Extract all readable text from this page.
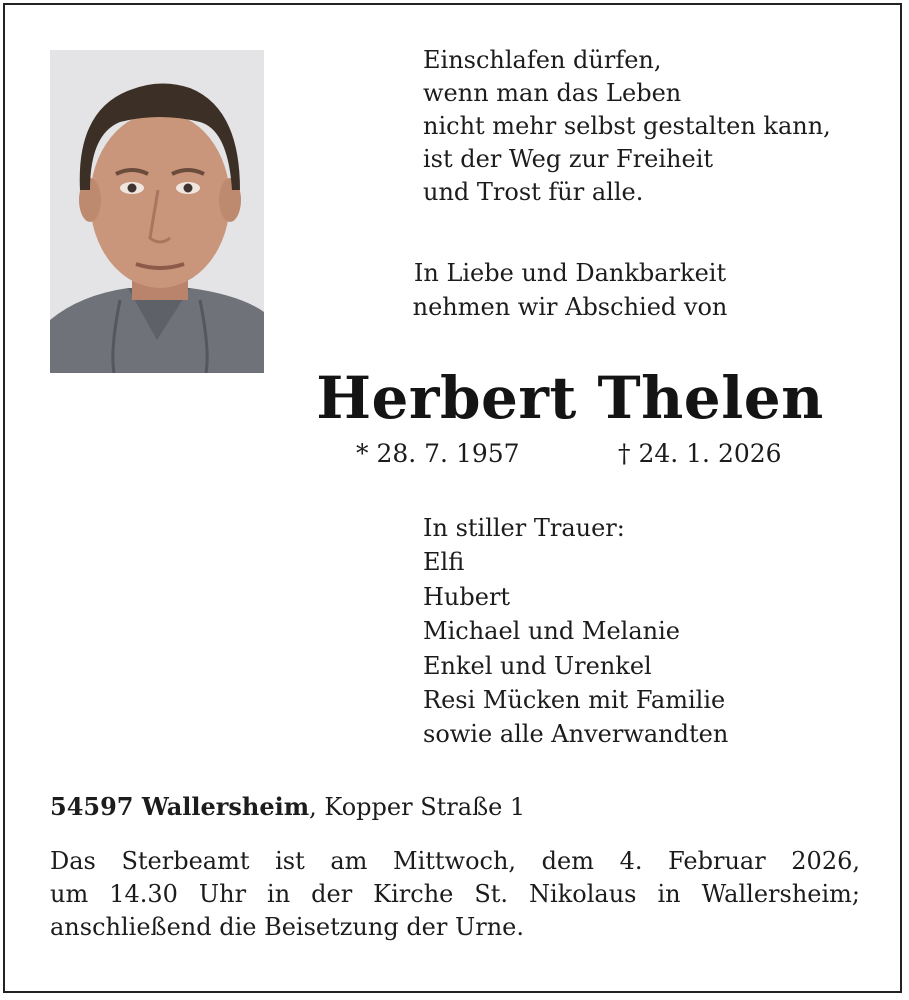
Einschlafen dürfen,
wenn man das Leben
nicht mehr selbst gestalten kann,
ist der Weg zur Freiheit
und Trost für alle.
In Liebe und Dankbarkeit
nehmen wir Abschied von
Herbert Thelen
* 28. 7. 1957	† 24. 1. 2026
In stiller Trauer:
Elfi
Hubert
Michael und Melanie
Enkel und Urenkel
Resi Mücken mit Familie
sowie alle Anverwandten
54597 Wallersheim, Kopper Straße 1
Das Sterbeamt ist am Mittwoch, dem 4. Februar 2026,
um 14.30 Uhr in der Kirche St. Nikolaus in Wallersheim;
anschließend die Beisetzung der Urne.
